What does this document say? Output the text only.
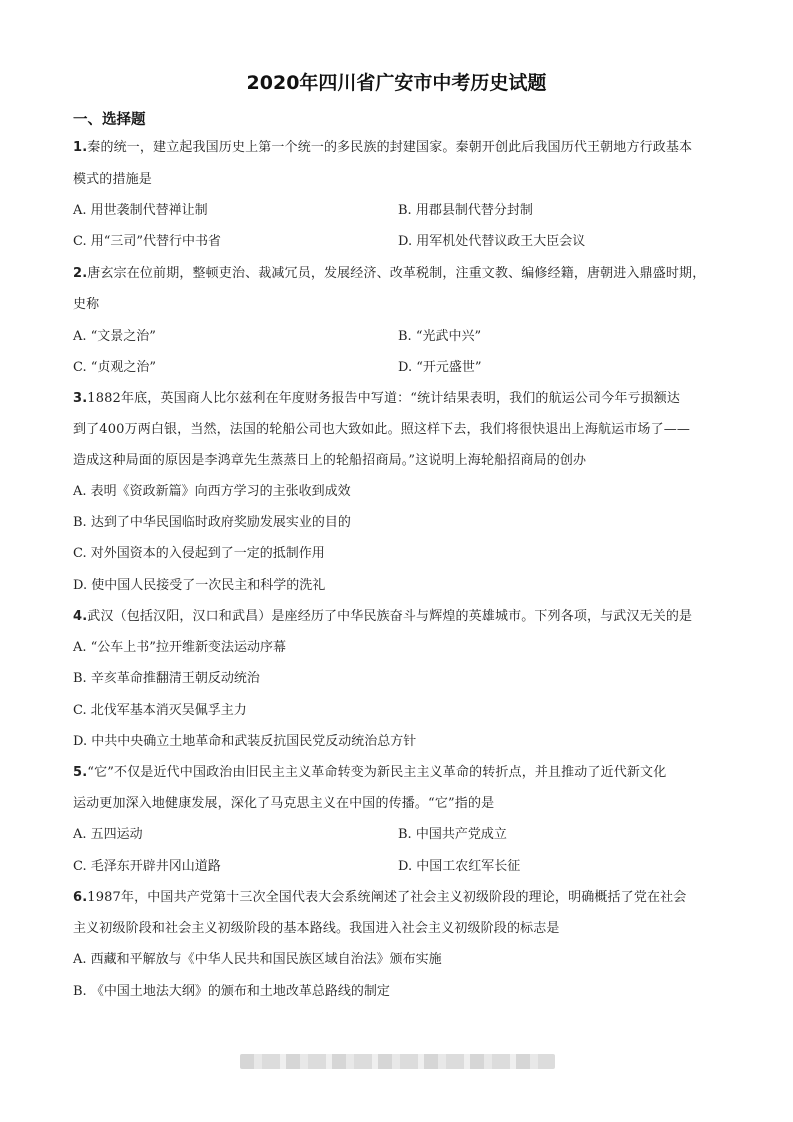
2020年四川省广安市中考历史试题
一、选择题
1.秦的统一，建立起我国历史上第一个统一的多民族的封建国家。秦朝开创此后我国历代王朝地方行政基本
模式的措施是
A. 用世袭制代替禅让制	B. 用郡县制代替分封制
C. 用“三司”代替行中书省	D. 用军机处代替议政王大臣会议
2.唐玄宗在位前期，整顿吏治、裁减冗员，发展经济、改革税制，注重文教、编修经籍，唐朝进入鼎盛时期，
史称
A. “文景之治”	B. “光武中兴”
C. “贞观之治”	D. “开元盛世”
3.1882年底，英国商人比尔兹利在年度财务报告中写道：“统计结果表明，我们的航运公司今年亏损额达
到了400万两白银，当然，法国的轮船公司也大致如此。照这样下去，我们将很快退出上海航运市场了——
造成这种局面的原因是李鸿章先生蒸蒸日上的轮船招商局。”这说明上海轮船招商局的创办
A. 表明《资政新篇》向西方学习的主张收到成效
B. 达到了中华民国临时政府奖励发展实业的目的
C. 对外国资本的入侵起到了一定的抵制作用
D. 使中国人民接受了一次民主和科学的洗礼
4.武汉（包括汉阳，汉口和武昌）是座经历了中华民族奋斗与辉煌的英雄城市。下列各项，与武汉无关的是
A. “公车上书”拉开维新变法运动序幕
B. 辛亥革命推翻清王朝反动统治
C. 北伐军基本消灭吴佩孚主力
D. 中共中央确立土地革命和武装反抗国民党反动统治总方针
5.“它”不仅是近代中国政治由旧民主主义革命转变为新民主主义革命的转折点，并且推动了近代新文化
运动更加深入地健康发展，深化了马克思主义在中国的传播。“它”指的是
A. 五四运动	B. 中国共产党成立
C. 毛泽东开辟井冈山道路	D. 中国工农红军长征
6.1987年，中国共产党第十三次全国代表大会系统阐述了社会主义初级阶段的理论，明确概括了党在社会
主义初级阶段和社会主义初级阶段的基本路线。我国进入社会主义初级阶段的标志是
A. 西藏和平解放与《中华人民共和国民族区域自治法》颁布实施
B. 《中国土地法大纲》的颁布和土地改革总路线的制定
